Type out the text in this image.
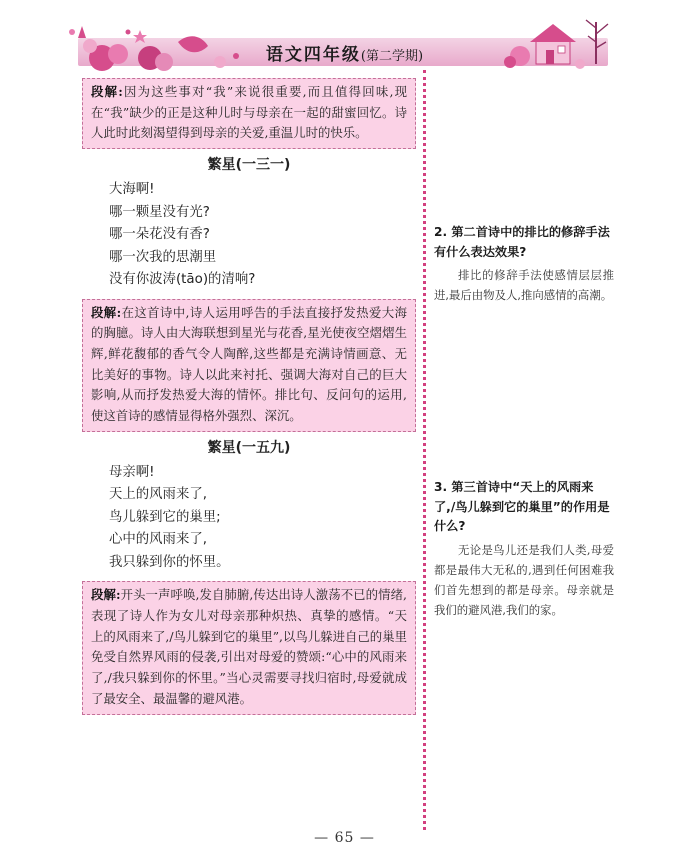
语文四年级(第二学期)
段解:因为这些事对“我”来说很重要,而且值得回味,现在“我”缺少的正是这种儿时与母亲在一起的甜蜜回忆。诗人此时此刻渴望得到母亲的关爱,重温儿时的快乐。
繁星(一三一)
大海啊!
哪一颗星没有光?
哪一朵花没有香?
哪一次我的思潮里
没有你波涛(tāo)的清响?
段解:在这首诗中,诗人运用呼告的手法直接抒发热爱大海的胸臆。诗人由大海联想到星光与花香,星光使夜空熠熠生辉,鲜花馥郁的香气令人陶醉,这些都是充满诗情画意、无比美好的事物。诗人以此来衬托、强调大海对自己的巨大影响,从而抒发热爱大海的情怀。排比句、反问句的运用,使这首诗的感情显得格外强烈、深沉。
繁星(一五九)
母亲啊!
天上的风雨来了,
鸟儿躲到它的巢里;
心中的风雨来了,
我只躲到你的怀里。
段解:开头一声呼唤,发自肺腑,传达出诗人激荡不已的情绪,表现了诗人作为女儿对母亲那种炽热、真挚的感情。“天上的风雨来了,/鸟儿躲到它的巢里”,以鸟儿躲进自己的巢里免受自然界风雨的侵袭,引出对母爱的赞颂:“心中的风雨来了,/我只躲到你的怀里。”当心灵需要寻找归宿时,母爱就成了最安全、最温馨的避风港。
2. 第二首诗中的排比的修辞手法有什么表达效果?
排比的修辞手法使感情层层推进,最后由物及人,推向感情的高潮。
3. 第三首诗中“天上的风雨来了,/鸟儿躲到它的巢里”的作用是什么?
无论是鸟儿还是我们人类,母爱都是最伟大无私的,遇到任何困难我们首先想到的都是母亲。母亲就是我们的避风港,我们的家。
— 65 —
